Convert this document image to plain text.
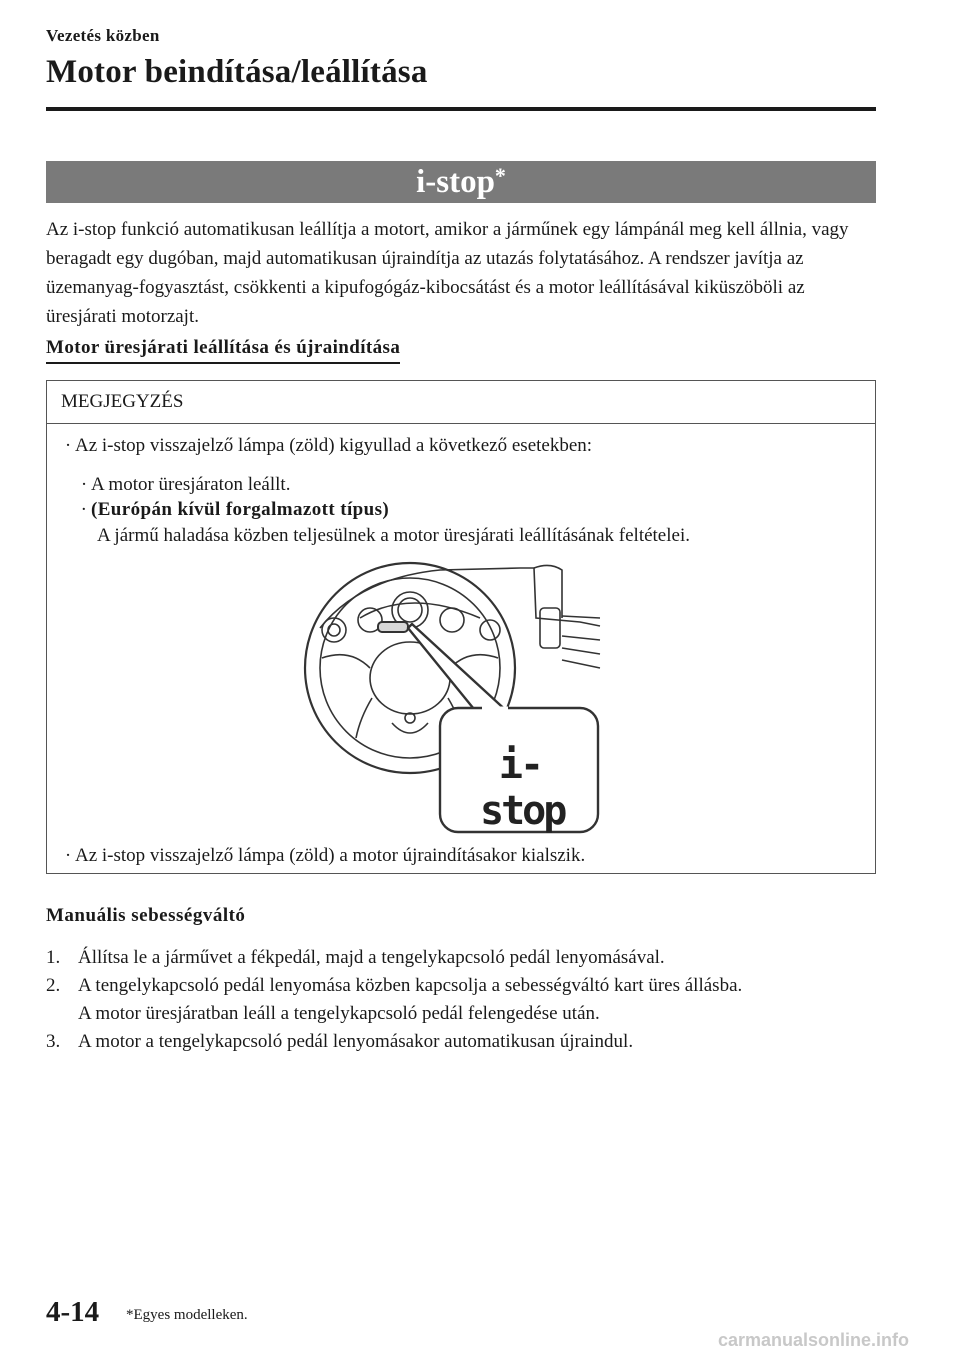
Vezetés közben
Motor beindítása/leállítása
i-stop*
Az i-stop funkció automatikusan leállítja a motort, amikor a járműnek egy lámpánál meg kell állnia, vagy beragadt egy dugóban, majd automatikusan újraindítja az utazás folytatásához. A rendszer javítja az üzemanyag-fogyasztást, csökkenti a kipufogógáz-kibocsátást és a motor leállításával kiküszöböli az üresjárati motorzajt.
Motor üresjárati leállítása és újraindítása
MEGJEGYZÉS
· Az i-stop visszajelző lámpa (zöld) kigyullad a következő esetekben:
· A motor üresjáraton leállt.
· (Európán kívül forgalmazott típus)
A jármű haladása közben teljesülnek a motor üresjárati leállításának feltételei.
· Az i-stop visszajelző lámpa (zöld) a motor újraindításakor kialszik.
i-stop
Manuális sebességváltó
1. Állítsa le a járművet a fékpedál, majd a tengelykapcsoló pedál lenyomásával.
2. A tengelykapcsoló pedál lenyomása közben kapcsolja a sebességváltó kart üres állásba.
A motor üresjáratban leáll a tengelykapcsoló pedál felengedése után.
3. A motor a tengelykapcsoló pedál lenyomásakor automatikusan újraindul.
4-14 *Egyes modelleken.
carmanualsonline.info
